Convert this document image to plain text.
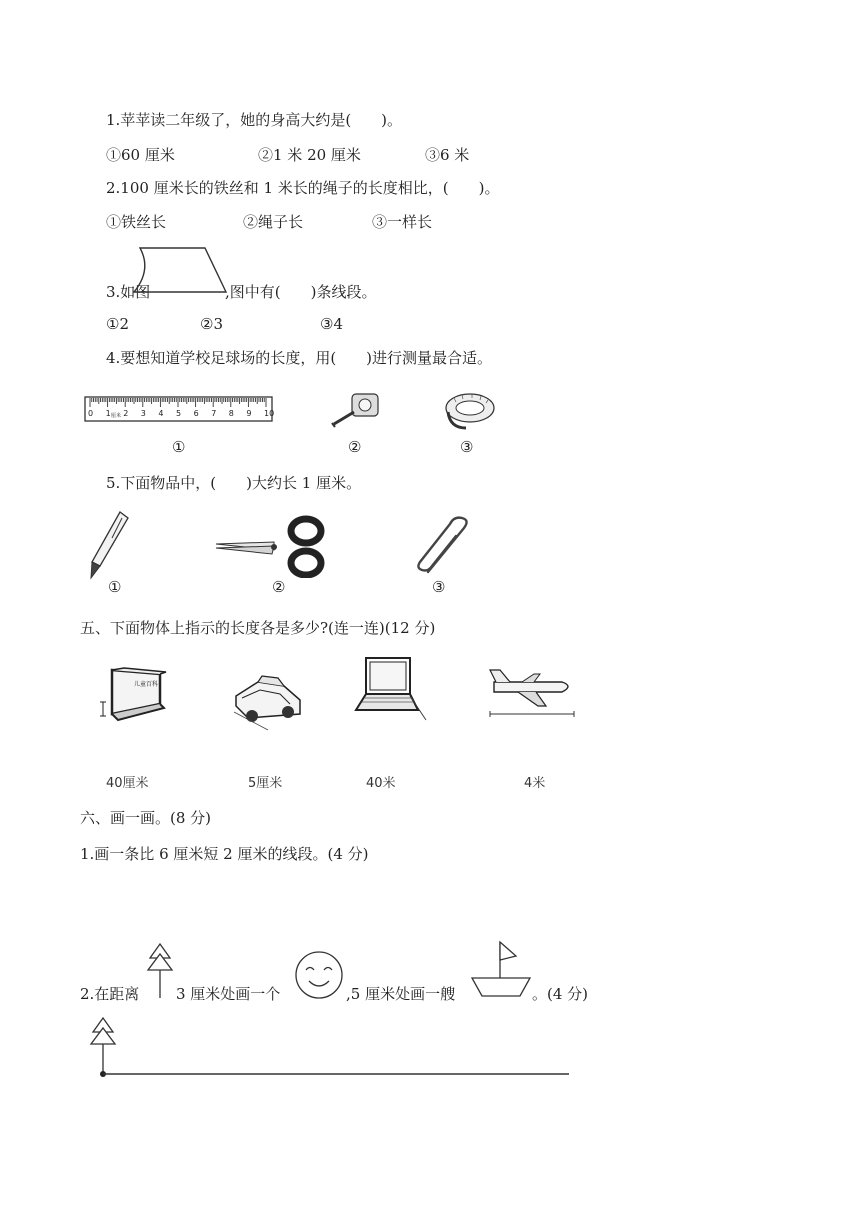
1.苹苹读二年级了，她的身高大约是(　　)。
①60 厘米	②1 米 20 厘米	③6 米
2.100 厘米长的铁丝和 1 米长的绳子的长度相比，(　　)。
①铁丝长	②绳子长	③一样长
3.如图	,图中有(　　)条线段。
①2	②3	③4
4.要想知道学校足球场的长度，用(　　)进行测量最合适。
0 1 2 3 4 5 6 7 8 9 10
厘米
①	②	③
5.下面物品中，(　　)大约长 1 厘米。
①	②	③
五、下面物体上指示的长度各是多少?(连一连)(12 分)
儿童百科
40厘米	5厘米	40米	4米
六、画一画。(8 分)
1.画一条比 6 厘米短 2 厘米的线段。(4 分)
2.在距离 3 厘米处画一个	,5 厘米处画一艘	。(4 分)
